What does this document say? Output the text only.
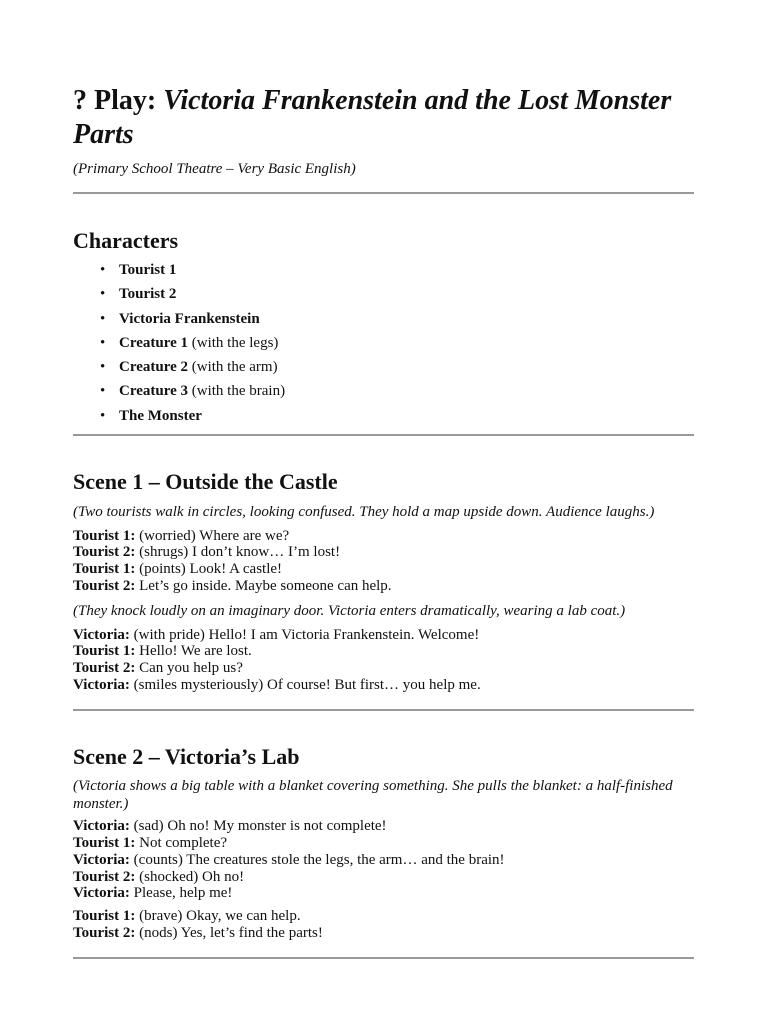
? Play: Victoria Frankenstein and the Lost Monster Parts

(Primary School Theatre – Very Basic English)

Characters
• Tourist 1
• Tourist 2
• Victoria Frankenstein
• Creature 1 (with the legs)
• Creature 2 (with the arm)
• Creature 3 (with the brain)
• The Monster
Scene 1 – Outside the Castle

(Two tourists walk in circles, looking confused. They hold a map upside down. Audience laughs.)

Tourist 1: (worried) Where are we?
Tourist 2: (shrugs) I don’t know… I’m lost!
Tourist 1: (points) Look! A castle!
Tourist 2: Let’s go inside. Maybe someone can help.

(They knock loudly on an imaginary door. Victoria enters dramatically, wearing a lab coat.)

Victoria: (with pride) Hello! I am Victoria Frankenstein. Welcome!
Tourist 1: Hello! We are lost.
Tourist 2: Can you help us?
Victoria: (smiles mysteriously) Of course! But first… you help me.
Scene 2 – Victoria’s Lab

(Victoria shows a big table with a blanket covering something. She pulls the blanket: a half-finished monster.)

Victoria: (sad) Oh no! My monster is not complete!
Tourist 1: Not complete?
Victoria: (counts) The creatures stole the legs, the arm… and the brain!
Tourist 2: (shocked) Oh no!
Victoria: Please, help me!
Tourist 1: (brave) Okay, we can help.
Tourist 2: (nods) Yes, let’s find the parts!
